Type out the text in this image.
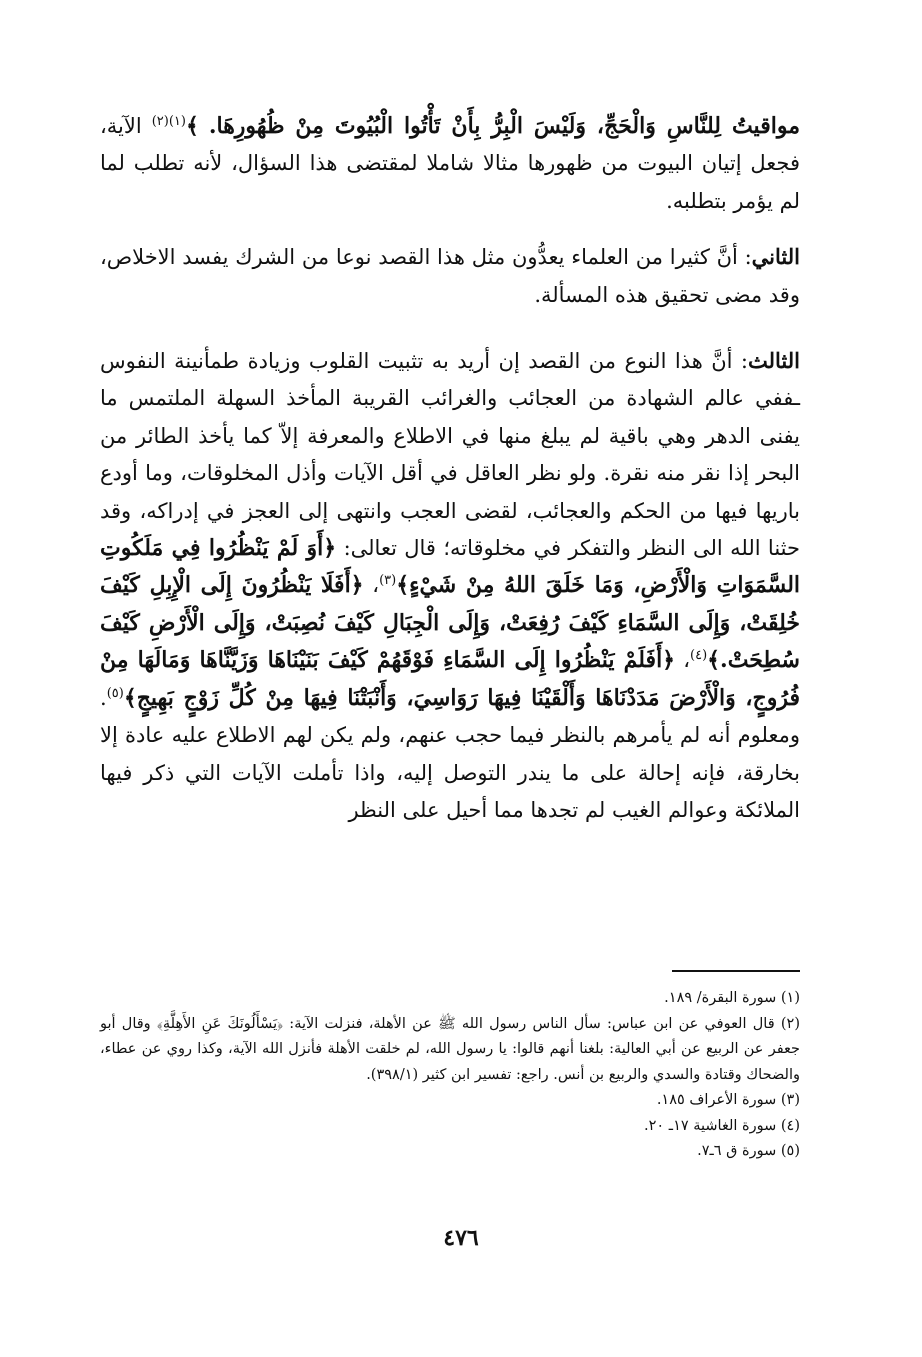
مواقيتُ لِلنَّاسِ وَالْحَجِّ، وَلَيْسَ الْبِرُّ بِأَنْ تَأْتُوا الْبُيُوتَ مِنْ ظُهُورِهَا. ﴾$^{(١)(٢)}$ الآية، فجعل إتيان البيوت من ظهورها مثالا شاملا لمقتضى هذا السؤال، لأنه تطلب لما لم يؤمر بتطلبه.

الثاني: أنَّ كثيرا من العلماء يعدُّون مثل هذا القصد نوعا من الشرك يفسد الاخلاص، وقد مضى تحقيق هذه المسألة.

الثالث: أنَّ هذا النوع من القصد إن أريد به تثبيت القلوب وزيادة طمأنينة النفوس ـففي عالم الشهادة من العجائب والغرائب القريبة المأخذ السهلة الملتمس ما يفنى الدهر وهي باقية لم يبلغ منها في الاطلاع والمعرفة إلاّ كما يأخذ الطائر من البحر إذا نقر منه نقرة. ولو نظر العاقل في أقل الآيات وأذل المخلوقات، وما أودع باريها فيها من الحكم والعجائب، لقضى العجب وانتهى إلى العجز في إدراكه، وقد حثنا الله الى النظر والتفكر في مخلوقاته؛ قال تعالى: ﴿أَوَ لَمْ يَنْظُرُوا فِي مَلَكُوتِ السَّمَوَاتِ وَالْأَرْضِ، وَمَا خَلَقَ اللهُ مِنْ شَيْءٍ﴾$^{(٣)}$، ﴿أَفَلَا يَنْظُرُونَ إِلَى الْإِبِلِ كَيْفَ خُلِقَتْ، وَإِلَى السَّمَاءِ كَيْفَ رُفِعَتْ، وَإِلَى الْجِبَالِ كَيْفَ نُصِبَتْ، وَإِلَى الْأَرْضِ كَيْفَ سُطِحَتْ.﴾$^{(٤)}$، ﴿أَفَلَمْ يَنْظُرُوا إِلَى السَّمَاءِ فَوْقَهُمْ كَيْفَ بَنَيْنَاهَا وَزَيَّنَّاهَا وَمَالَهَا مِنْ فُرُوجٍ، وَالْأَرْضَ مَدَدْنَاهَا وَأَلْقَيْنَا فِيهَا رَوَاسِيَ، وَأَنْبَتْنَا فِيهَا مِنْ كُلِّ زَوْجٍ بَهِيجٍ﴾$^{(٥)}$. ومعلوم أنه لم يأمرهم بالنظر فيما حجب عنهم، ولم يكن لهم الاطلاع عليه عادة إلا بخارقة، فإنه إحالة على ما يندر التوصل إليه، واذا تأملت الآيات التي ذكر فيها الملائكة وعوالم الغيب لم تجدها مما أحيل على النظر

(١) سورة البقرة/ ١٨٩.

(٢) قال العوفي عن ابن عباس: سأل الناس رسول الله ﷺ عن الأهلة، فنزلت الآية: ﴿يَسْأَلُونَكَ عَنِ الأَهِلَّةِ﴾ وقال أبو جعفر عن الربيع عن أبي العالية: بلغنا أنهم قالوا: يا رسول الله، لم خلقت الأهلة فأنزل الله الآية، وكذا روي عن عطاء، والضحاك وقتادة والسدي والربيع بن أنس. راجع: تفسير ابن كثير (٣٩٨/١).

(٣) سورة الأعراف ١٨٥.

(٤) سورة الغاشية ١٧ـ ٢٠.

(٥) سورة ق ٦ـ٧.

٤٧٦
